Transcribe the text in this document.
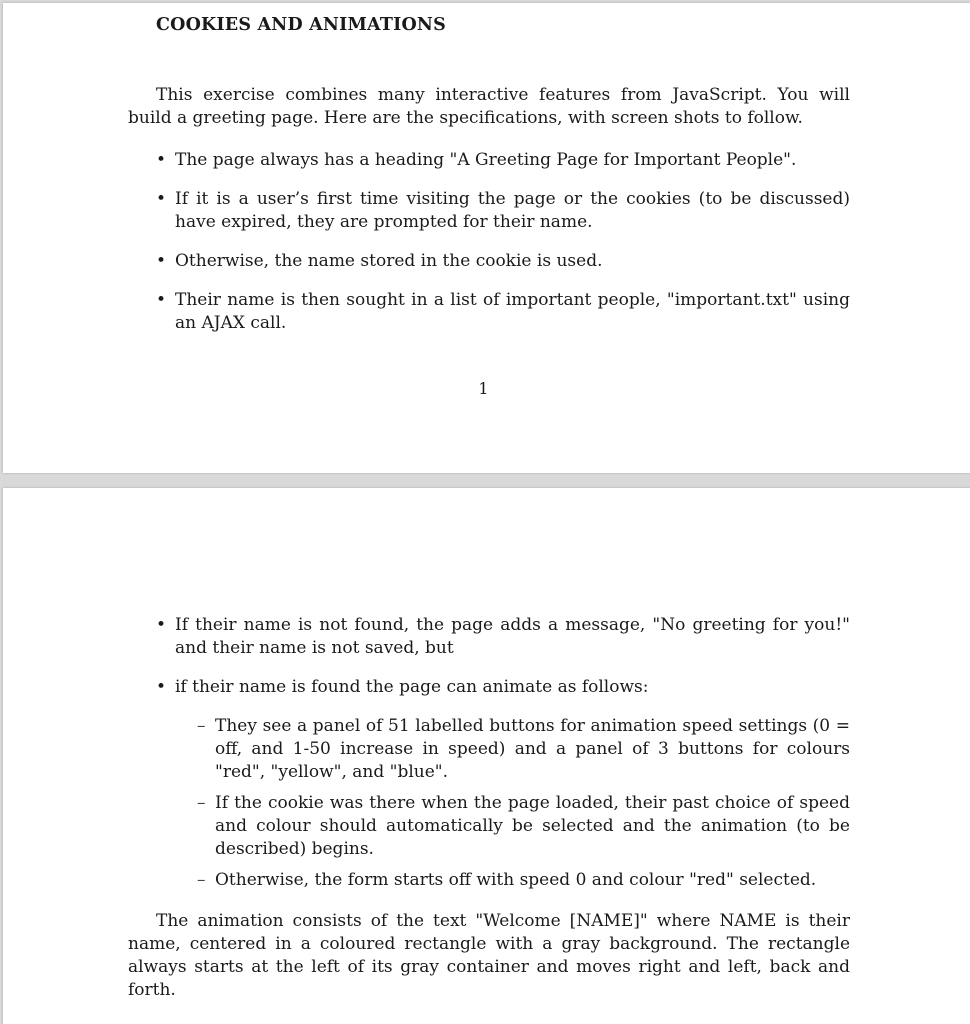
COOKIES AND ANIMATIONS

This exercise combines many interactive features from JavaScript. You will build a greeting page. Here are the specifications, with screen shots to follow.

• The page always has a heading "A Greeting Page for Important People".
• If it is a user’s first time visiting the page or the cookies (to be discussed) have expired, they are prompted for their name.
• Otherwise, the name stored in the cookie is used.
• Their name is then sought in a list of important people, "important.txt" using an AJAX call.
1
• If their name is not found, the page adds a message, "No greeting for you!" and their name is not saved, but
• if their name is found the page can animate as follows:
– They see a panel of 51 labelled buttons for animation speed settings (0 = off, and 1-50 increase in speed) and a panel of 3 buttons for colours "red", "yellow", and "blue".
– If the cookie was there when the page loaded, their past choice of speed and colour should automatically be selected and the animation (to be described) begins.
– Otherwise, the form starts off with speed 0 and colour "red" selected.

The animation consists of the text "Welcome [NAME]" where NAME is their name, centered in a coloured rectangle with a gray background. The rectangle always starts at the left of its gray container and moves right and left, back and forth.
